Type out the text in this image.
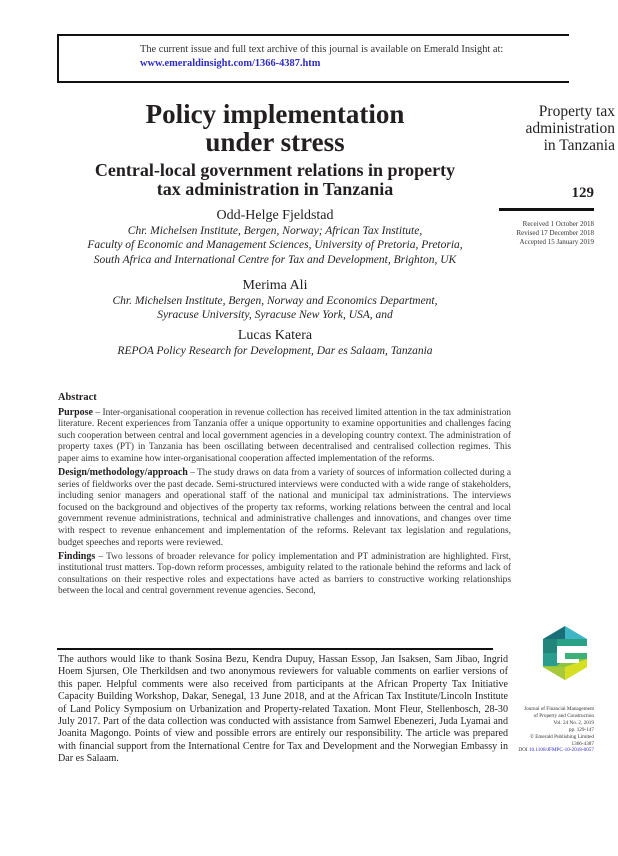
The current issue and full text archive of this journal is available on Emerald Insight at:
www.emeraldinsight.com/1366-4387.htm
Policy implementation
under stress
Central-local government relations in property
tax administration in Tanzania
Property tax
administration
in Tanzania
129
Received 1 October 2018
Revised 17 December 2018
Accepted 15 January 2019
Odd-Helge Fjeldstad
Chr. Michelsen Institute, Bergen, Norway; African Tax Institute,
Faculty of Economic and Management Sciences, University of Pretoria, Pretoria,
South Africa and International Centre for Tax and Development, Brighton, UK
Merima Ali
Chr. Michelsen Institute, Bergen, Norway and Economics Department,
Syracuse University, Syracuse New York, USA, and
Lucas Katera
REPOA Policy Research for Development, Dar es Salaam, Tanzania
Abstract

Purpose – Inter-organisational cooperation in revenue collection has received limited attention in the tax administration literature. Recent experiences from Tanzania offer a unique opportunity to examine opportunities and challenges facing such cooperation between central and local government agencies in a developing country context. The administration of property taxes (PT) in Tanzania has been oscillating between decentralised and centralised collection regimes. This paper aims to examine how inter-organisational cooperation affected implementation of the reforms.

Design/methodology/approach – The study draws on data from a variety of sources of information collected during a series of fieldworks over the past decade. Semi-structured interviews were conducted with a wide range of stakeholders, including senior managers and operational staff of the national and municipal tax administrations. The interviews focused on the background and objectives of the property tax reforms, working relations between the central and local government revenue administrations, technical and administrative challenges and innovations, and changes over time with respect to revenue enhancement and implementation of the reforms. Relevant tax legislation and regulations, budget speeches and reports were reviewed.

Findings – Two lessons of broader relevance for policy implementation and PT administration are highlighted. First, institutional trust matters. Top-down reform processes, ambiguity related to the rationale behind the reforms and lack of consultations on their respective roles and expectations have acted as barriers to constructive working relationships between the local and central government revenue agencies. Second,

The authors would like to thank Sosina Bezu, Kendra Dupuy, Hassan Essop, Jan Isaksen, Sam Jibao, Ingrid Hoem Sjursen, Ole Therkildsen and two anonymous reviewers for valuable comments on earlier versions of this paper. Helpful comments were also received from participants at the African Property Tax Initiative Capacity Building Workshop, Dakar, Senegal, 13 June 2018, and at the African Tax Institute/Lincoln Institute of Land Policy Symposium on Urbanization and Property-related Taxation. Mont Fleur, Stellenbosch, 28-30 July 2017. Part of the data collection was conducted with assistance from Samwel Ebenezeri, Juda Lyamai and Joanita Magongo. Points of view and possible errors are entirely our responsibility. The article was prepared with financial support from the International Centre for Tax and Development and the Norwegian Embassy in Dar es Salaam.
Journal of Financial Management
of Property and Construction
Vol. 24 No. 2, 2019
pp. 129-147
© Emerald Publishing Limited
1366-4387
DOI 10.1108/JFMPC-10-2018-0057
